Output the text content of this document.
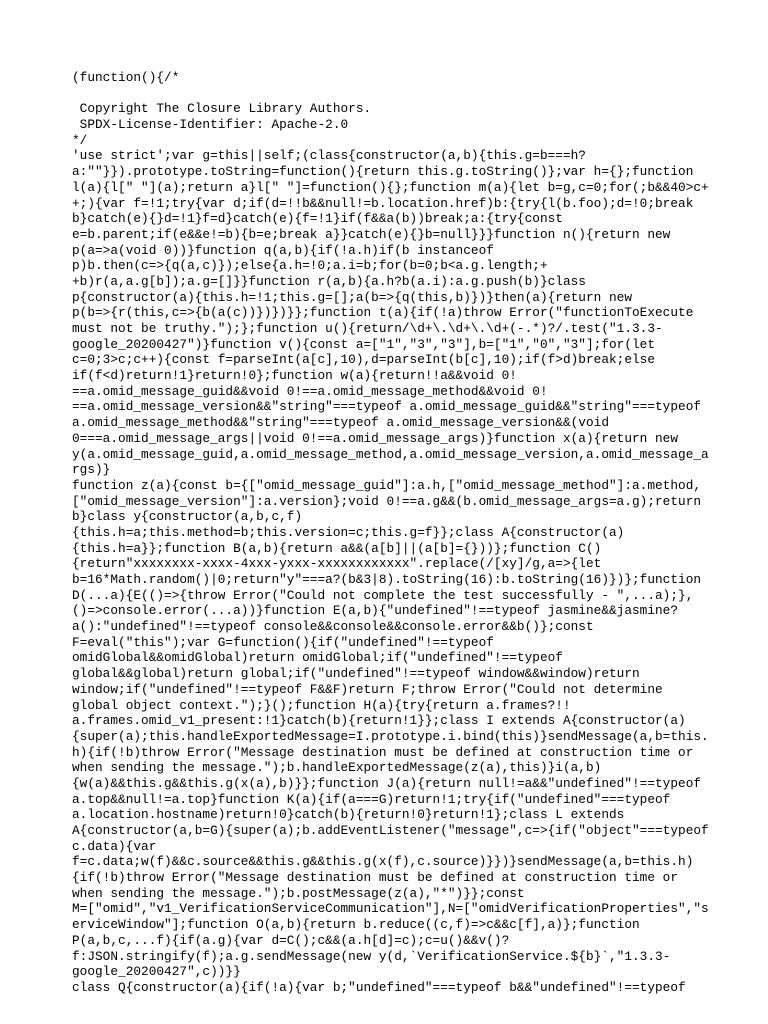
(function(){/*
Copyright The Closure Library Authors.
SPDX-License-Identifier: Apache-2.0
*/
'use strict';var g=this||self;(class{constructor(a,b){this.g=b===h?
a:""}}).prototype.toString=function(){return this.g.toString()};var h={};function
l(a){l[" "](a);return a}l[" "]=function(){};function m(a){let b=g,c=0;for(;b&&40>c+
+;){var f=!1;try{var d;if(d=!!b&&null!=b.location.href)b:{try{l(b.foo);d=!0;break
b}catch(e){}d=!1}f=d}catch(e){f=!1}if(f&&a(b))break;a:{try{const
e=b.parent;if(e&&e!=b){b=e;break a}}catch(e){}b=null}}}function n(){return new
p(a=>a(void 0))}function q(a,b){if(!a.h)if(b instanceof
p)b.then(c=>{q(a,c)});else{a.h=!0;a.i=b;for(b=0;b<a.g.length;+
+b)r(a,a.g[b]);a.g=[]}}function r(a,b){a.h?b(a.i):a.g.push(b)}class
p{constructor(a){this.h=!1;this.g=[];a(b=>{q(this,b)})}then(a){return new
p(b=>{r(this,c=>{b(a(c))})})}};function t(a){if(!a)throw Error("functionToExecute
must not be truthy.");};function u(){return/\d+\.\d+\.\d+(-.*)?/.test("1.3.3-
google_20200427")}function v(){const a=["1","3","3"],b=["1","0","3"];for(let
c=0;3>c;c++){const f=parseInt(a[c],10),d=parseInt(b[c],10);if(f>d)break;else
if(f<d)return!1}return!0};function w(a){return!!a&&void 0!
==a.omid_message_guid&&void 0!==a.omid_message_method&&void 0!
==a.omid_message_version&&"string"===typeof a.omid_message_guid&&"string"===typeof
a.omid_message_method&&"string"===typeof a.omid_message_version&&(void
0===a.omid_message_args||void 0!==a.omid_message_args)}function x(a){return new
y(a.omid_message_guid,a.omid_message_method,a.omid_message_version,a.omid_message_a
rgs)}
function z(a){const b={["omid_message_guid"]:a.h,["omid_message_method"]:a.method,
["omid_message_version"]:a.version};void 0!==a.g&&(b.omid_message_args=a.g);return
b}class y{constructor(a,b,c,f)
{this.h=a;this.method=b;this.version=c;this.g=f}};class A{constructor(a)
{this.h=a}};function B(a,b){return a&&(a[b]||(a[b]={}))};function C()
{return"xxxxxxxx-xxxx-4xxx-yxxx-xxxxxxxxxxxx".replace(/[xy]/g,a=>{let
b=16*Math.random()|0;return"y"===a?(b&3|8).toString(16):b.toString(16)})};function
D(...a){E(()=>{throw Error("Could not complete the test successfully - ",...a);},
()=>console.error(...a))}function E(a,b){"undefined"!==typeof jasmine&&jasmine?
a():"undefined"!==typeof console&&console&&console.error&&b()};const
F=eval("this");var G=function(){if("undefined"!==typeof
omidGlobal&&omidGlobal)return omidGlobal;if("undefined"!==typeof
global&&global)return global;if("undefined"!==typeof window&&window)return
window;if("undefined"!==typeof F&&F)return F;throw Error("Could not determine
global object context.");}();function H(a){try{return a.frames?!!
a.frames.omid_v1_present:!1}catch(b){return!1}};class I extends A{constructor(a)
{super(a);this.handleExportedMessage=I.prototype.i.bind(this)}sendMessage(a,b=this.
h){if(!b)throw Error("Message destination must be defined at construction time or
when sending the message.");b.handleExportedMessage(z(a),this)}i(a,b)
{w(a)&&this.g&&this.g(x(a),b)}};function J(a){return null!=a&&"undefined"!==typeof
a.top&&null!=a.top}function K(a){if(a===G)return!1;try{if("undefined"===typeof
a.location.hostname)return!0}catch(b){return!0}return!1};class L extends
A{constructor(a,b=G){super(a);b.addEventListener("message",c=>{if("object"===typeof
c.data){var
f=c.data;w(f)&&c.source&&this.g&&this.g(x(f),c.source)}})}sendMessage(a,b=this.h)
{if(!b)throw Error("Message destination must be defined at construction time or
when sending the message.");b.postMessage(z(a),"*")}};const
M=["omid","v1_VerificationServiceCommunication"],N=["omidVerificationProperties","s
erviceWindow"];function O(a,b){return b.reduce((c,f)=>c&&c[f],a)};function
P(a,b,c,...f){if(a.g){var d=C();c&&(a.h[d]=c);c=u()&&v()?
f:JSON.stringify(f);a.g.sendMessage(new y(d,`VerificationService.${b}`,"1.3.3-
google_20200427",c))}}
class Q{constructor(a){if(!a){var b;"undefined"===typeof b&&"undefined"!==typeof
